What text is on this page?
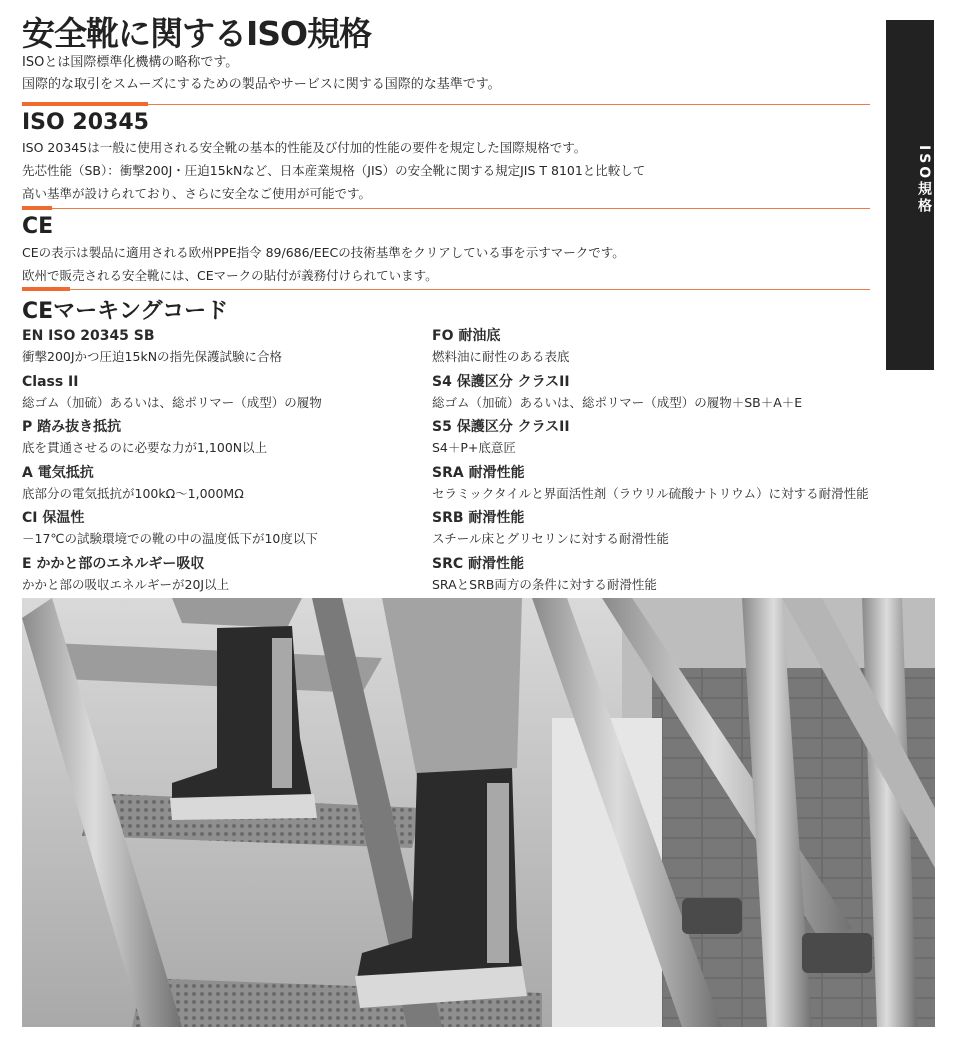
安全靴に関するISO規格
ISOとは国際標準化機構の略称です。
国際的な取引をスムーズにするための製品やサービスに関する国際的な基準です。
ISO 20345
ISO 20345は一般に使用される安全靴の基本的性能及び付加的性能の要件を規定した国際規格です。
先芯性能（SB）：衝撃200J・圧迫15kNなど、日本産業規格（JIS）の安全靴に関する規定JIS T 8101と比較して
高い基準が設けられており、さらに安全なご使用が可能です。
CE
CEの表示は製品に適用される欧州PPE指令 89/686/EECの技術基準をクリアしている事を示すマークです。
欧州で販売される安全靴には、CEマークの貼付が義務付けられています。
CEマーキングコード
EN ISO 20345 SB
衝撃200Jかつ圧迫15kNの指先保護試験に合格
Class II
総ゴム（加硫）あるいは、総ポリマー（成型）の履物
P 踏み抜き抵抗
底を貫通させるのに必要な力が1,100N以上
A 電気抵抗
底部分の電気抵抗が100kΩ～1,000MΩ
CI 保温性
－17℃の試験環境での靴の中の温度低下が10度以下
E かかと部のエネルギー吸収
かかと部の吸収エネルギーが20J以上
FO 耐油底
燃料油に耐性のある表底
S4 保護区分 クラスII
総ゴム（加硫）あるいは、総ポリマー（成型）の履物＋SB＋A＋E
S5 保護区分 クラスII
S4＋P+底意匠
SRA 耐滑性能
セラミックタイルと界面活性剤（ラウリル硫酸ナトリウム）に対する耐滑性能
SRB 耐滑性能
スチール床とグリセリンに対する耐滑性能
SRC 耐滑性能
SRAとSRB両方の条件に対する耐滑性能
ISO規格
